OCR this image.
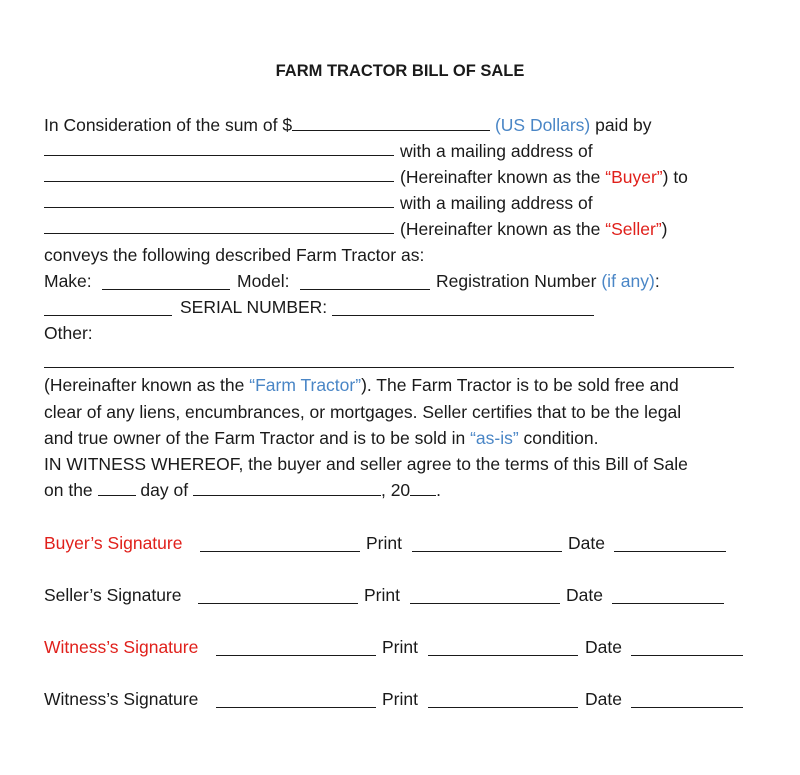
FARM TRACTOR BILL OF SALE
In Consideration of the sum of $	(US Dollars) paid by
with a mailing address of
(Hereinafter known as the “Buyer”) to
with a mailing address of
(Hereinafter known as the “Seller”)
conveys the following described Farm Tractor as:
Make:	Model:	Registration Number (if any):
SERIAL NUMBER:
Other:
(Hereinafter known as the “Farm Tractor”). The Farm Tractor is to be sold free and
clear of any liens, encumbrances, or mortgages. Seller certifies that to be the legal
and true owner of the Farm Tractor and is to be sold in “as-is” condition.
IN WITNESS WHEREOF, the buyer and seller agree to the terms of this Bill of Sale
on the	day of	, 20 .
Buyer’s Signature	Print	Date
Seller’s Signature	Print	Date
Witness’s Signature	Print	Date
Witness’s Signature	Print	Date
